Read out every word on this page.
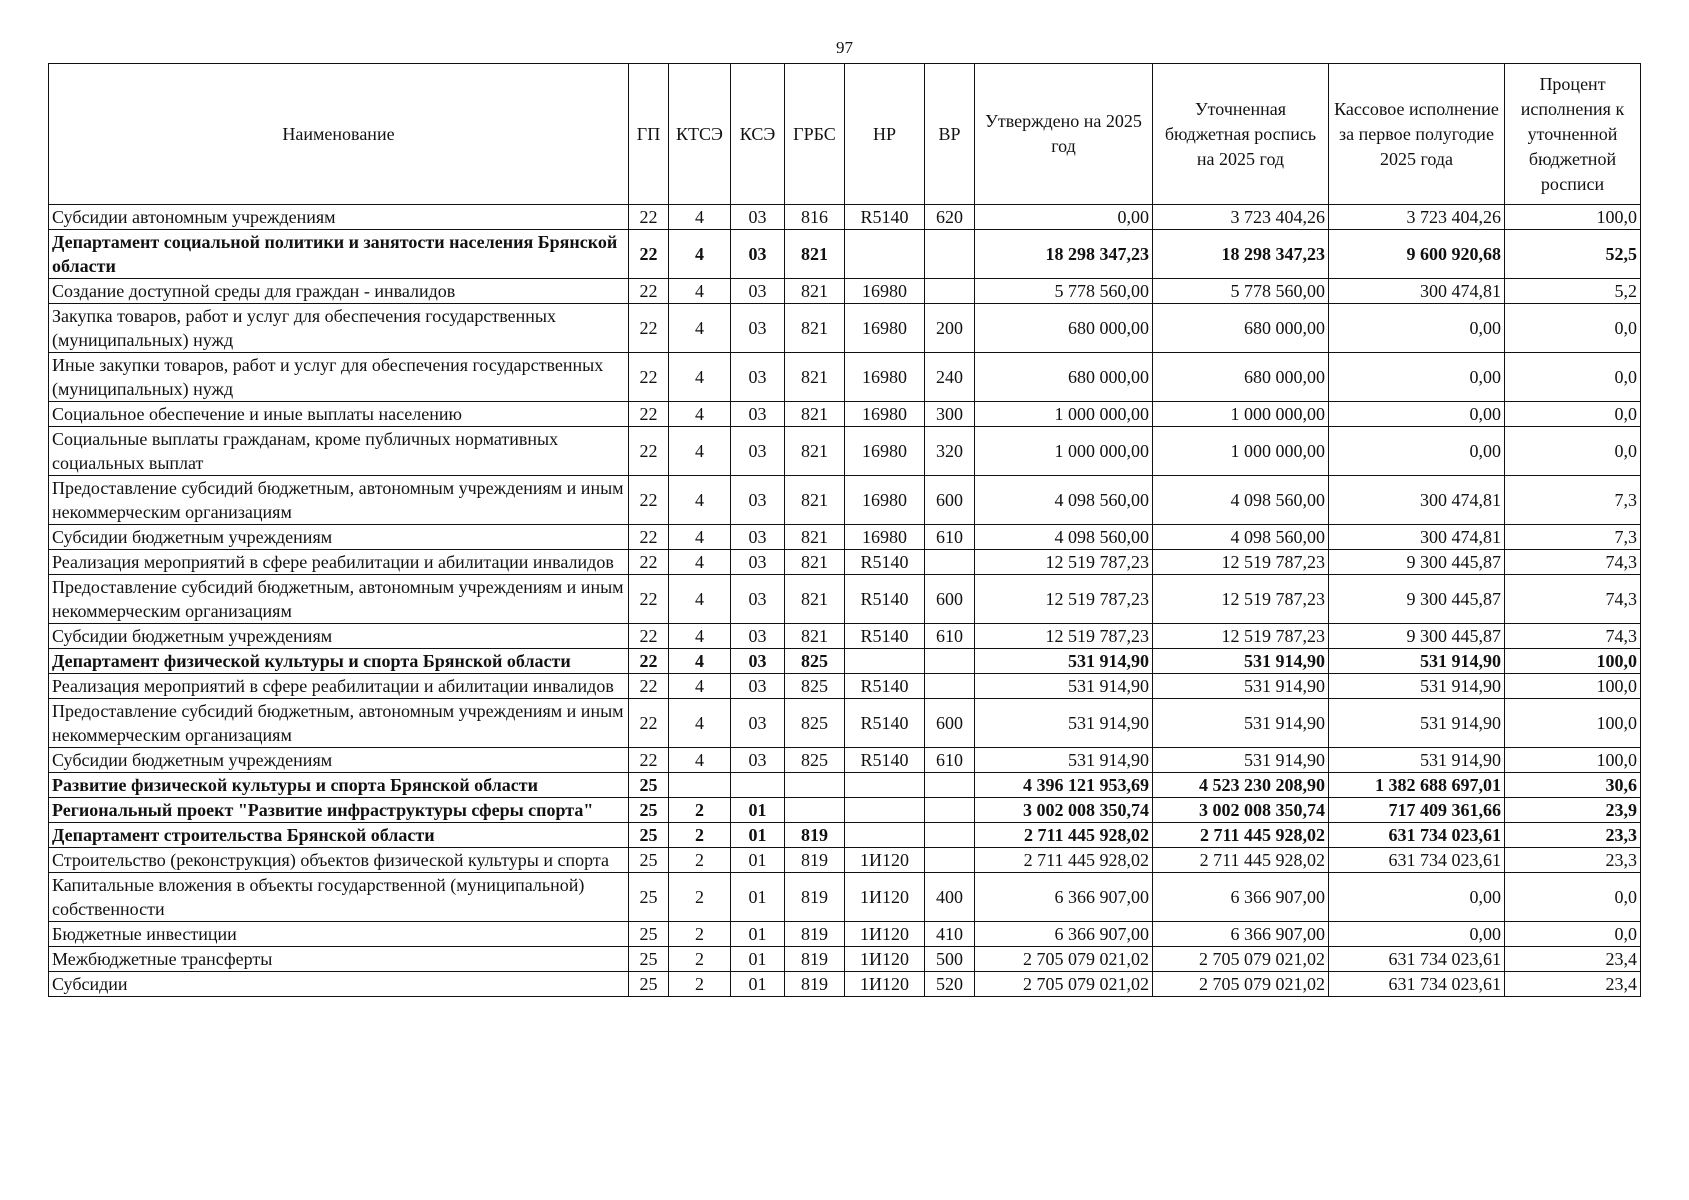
97
Наименование	ГП	КТСЭ	КСЭ	ГРБС	НР	ВР	Утверждено на 2025 год	Уточненная бюджетная роспись на 2025 год	Кассовое исполнение за первое полугодие 2025 года	Процент исполнения к уточненной бюджетной росписи
Субсидии автономным учреждениям	22	4	03	816	R5140	620	0,00	3 723 404,26	3 723 404,26	100,0
Департамент социальной политики и занятости населения Брянской области	22	4	03	821			18 298 347,23	18 298 347,23	9 600 920,68	52,5
Создание доступной среды для граждан - инвалидов	22	4	03	821	16980		5 778 560,00	5 778 560,00	300 474,81	5,2
Закупка товаров, работ и услуг для обеспечения государственных (муниципальных) нужд	22	4	03	821	16980	200	680 000,00	680 000,00	0,00	0,0
Иные закупки товаров, работ и услуг для обеспечения государственных (муниципальных) нужд	22	4	03	821	16980	240	680 000,00	680 000,00	0,00	0,0
Социальное обеспечение и иные выплаты населению	22	4	03	821	16980	300	1 000 000,00	1 000 000,00	0,00	0,0
Социальные выплаты гражданам, кроме публичных нормативных социальных выплат	22	4	03	821	16980	320	1 000 000,00	1 000 000,00	0,00	0,0
Предоставление субсидий бюджетным, автономным учреждениям и иным некоммерческим организациям	22	4	03	821	16980	600	4 098 560,00	4 098 560,00	300 474,81	7,3
Субсидии бюджетным учреждениям	22	4	03	821	16980	610	4 098 560,00	4 098 560,00	300 474,81	7,3
Реализация мероприятий в сфере реабилитации и абилитации инвалидов	22	4	03	821	R5140		12 519 787,23	12 519 787,23	9 300 445,87	74,3
Предоставление субсидий бюджетным, автономным учреждениям и иным некоммерческим организациям	22	4	03	821	R5140	600	12 519 787,23	12 519 787,23	9 300 445,87	74,3
Субсидии бюджетным учреждениям	22	4	03	821	R5140	610	12 519 787,23	12 519 787,23	9 300 445,87	74,3
Департамент физической культуры и спорта Брянской области	22	4	03	825			531 914,90	531 914,90	531 914,90	100,0
Реализация мероприятий в сфере реабилитации и абилитации инвалидов	22	4	03	825	R5140		531 914,90	531 914,90	531 914,90	100,0
Предоставление субсидий бюджетным, автономным учреждениям и иным некоммерческим организациям	22	4	03	825	R5140	600	531 914,90	531 914,90	531 914,90	100,0
Субсидии бюджетным учреждениям	22	4	03	825	R5140	610	531 914,90	531 914,90	531 914,90	100,0
Развитие физической культуры и спорта Брянской области	25						4 396 121 953,69	4 523 230 208,90	1 382 688 697,01	30,6
Региональный проект "Развитие инфраструктуры сферы спорта"	25	2	01				3 002 008 350,74	3 002 008 350,74	717 409 361,66	23,9
Департамент строительства Брянской области	25	2	01	819			2 711 445 928,02	2 711 445 928,02	631 734 023,61	23,3
Строительство (реконструкция) объектов физической культуры и спорта	25	2	01	819	1И120		2 711 445 928,02	2 711 445 928,02	631 734 023,61	23,3
Капитальные вложения в объекты государственной (муниципальной) собственности	25	2	01	819	1И120	400	6 366 907,00	6 366 907,00	0,00	0,0
Бюджетные инвестиции	25	2	01	819	1И120	410	6 366 907,00	6 366 907,00	0,00	0,0
Межбюджетные трансферты	25	2	01	819	1И120	500	2 705 079 021,02	2 705 079 021,02	631 734 023,61	23,4
Субсидии	25	2	01	819	1И120	520	2 705 079 021,02	2 705 079 021,02	631 734 023,61	23,4
